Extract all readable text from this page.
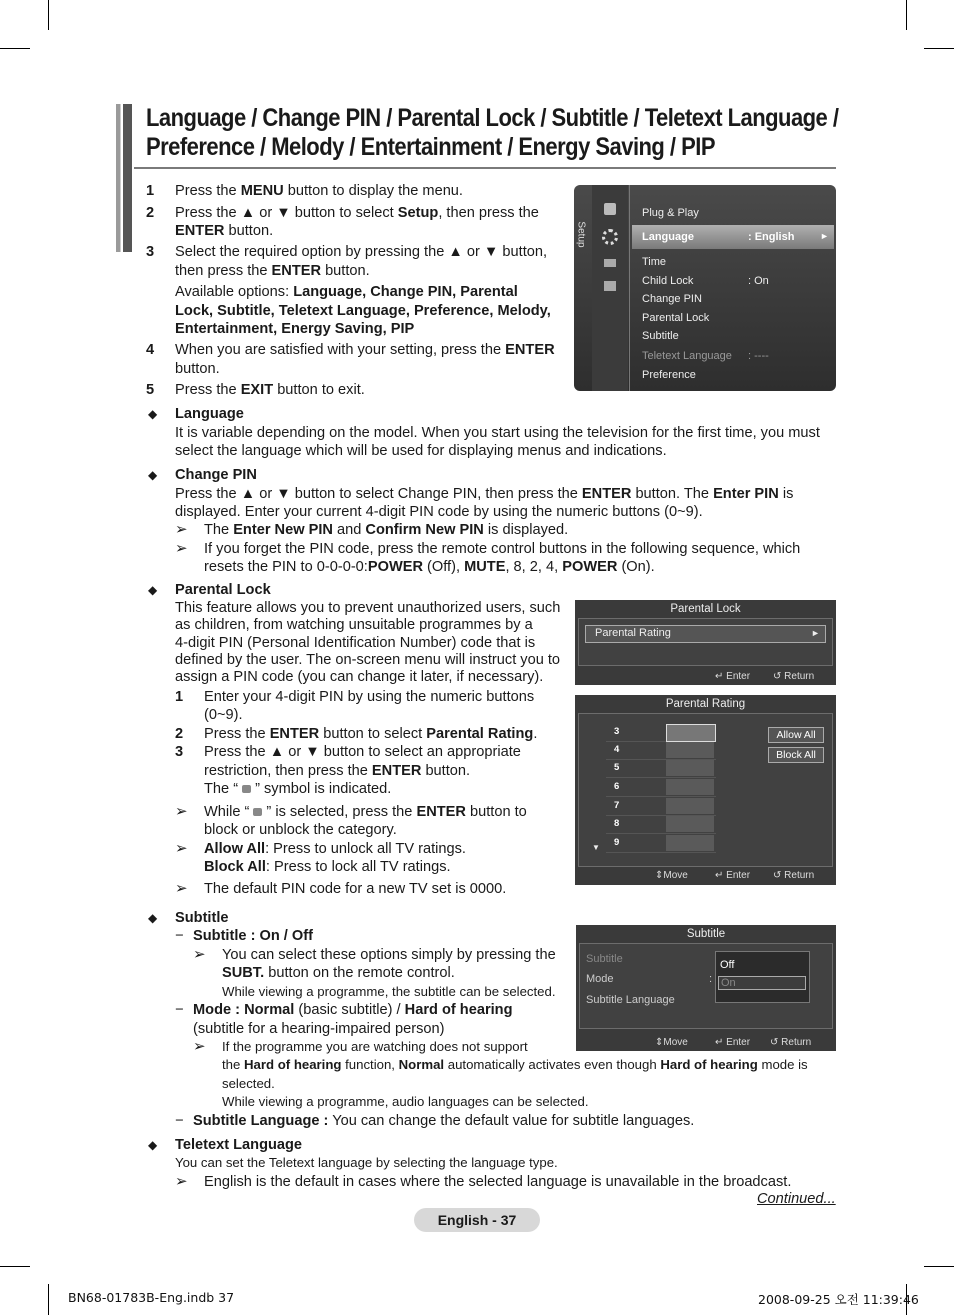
Language / Change PIN / Parental Lock / Subtitle / Teletext Language /
Preference / Melody / Entertainment / Energy Saving / PIP
1 Press the MENU button to display the menu.
2 Press the ▲ or ▼ button to select Setup, then press the
ENTER button.
3 Select the required option by pressing the ▲ or ▼ button,
then press the ENTER button.
Available options: Language, Change PIN, Parental
Lock, Subtitle, Teletext Language, Preference, Melody,
Entertainment, Energy Saving, PIP
4 When you are satisfied with your setting, press the ENTER
button.
5 Press the EXIT button to exit.
Setup
Plug & Play
Language	: English	►
Time
Child Lock	: On
Change PIN
Parental Lock
Subtitle
Teletext Language : ----
Preference
◆ Language
It is variable depending on the model. When you start using the television for the first time, you must
select the language which will be used for displaying menus and indications.
◆ Change PIN
Press the ▲ or ▼ button to select Change PIN, then press the ENTER button. The Enter PIN is
displayed. Enter your current 4-digit PIN code by using the numeric buttons (0~9).
➢ The Enter New PIN and Confirm New PIN is displayed.
➢ If you forget the PIN code, press the remote control buttons in the following sequence, which
resets the PIN to 0-0-0-0:POWER (Off), MUTE, 8, 2, 4, POWER (On).
◆ Parental Lock
This feature allows you to prevent unauthorized users, such
as children, from watching unsuitable programmes by a
4-digit PIN (Personal Identification Number) code that is
defined by the user. The on-screen menu will instruct you to
assign a PIN code (you can change it later, if necessary).
1 Enter your 4-digit PIN by using the numeric buttons
(0~9).
2 Press the ENTER button to select Parental Rating.
3 Press the ▲ or ▼ button to select an appropriate
restriction, then press the ENTER button.
The “ ” symbol is indicated.
➢ While “ ” is selected, press the ENTER button to
block or unblock the category.
➢ Allow All: Press to unlock all TV ratings.
Block All: Press to lock all TV ratings.
➢ The default PIN code for a new TV set is 0000.
Parental Lock
Parental Rating	►
↵ Enter ↺ Return
Parental Rating
▼
3
4
5
6
7
8
9
Allow All
Block All
⇕Move	↵ Enter ↺ Return
◆ Subtitle
− Subtitle : On / Off
➢ You can select these options simply by pressing the
SUBT. button on the remote control.
While viewing a programme, the subtitle can be selected.
− Mode : Normal (basic subtitle) / Hard of hearing
(subtitle for a hearing-impaired person)
➢ If the programme you are watching does not support
the Hard of hearing function, Normal automatically activates even though Hard of hearing mode is
selected.
While viewing a programme, audio languages can be selected.
− Subtitle Language : You can change the default value for subtitle languages.
Subtitle
Subtitle
Mode	:
Subtitle Language
Off
On
⇕Move	↵ Enter ↺ Return
◆ Teletext Language
You can set the Teletext language by selecting the language type.
➢ English is the default in cases where the selected language is unavailable in the broadcast.
Continued...
English - 37
BN68-01783B-Eng.indb 37	2008-09-25 오전 11:39:46
